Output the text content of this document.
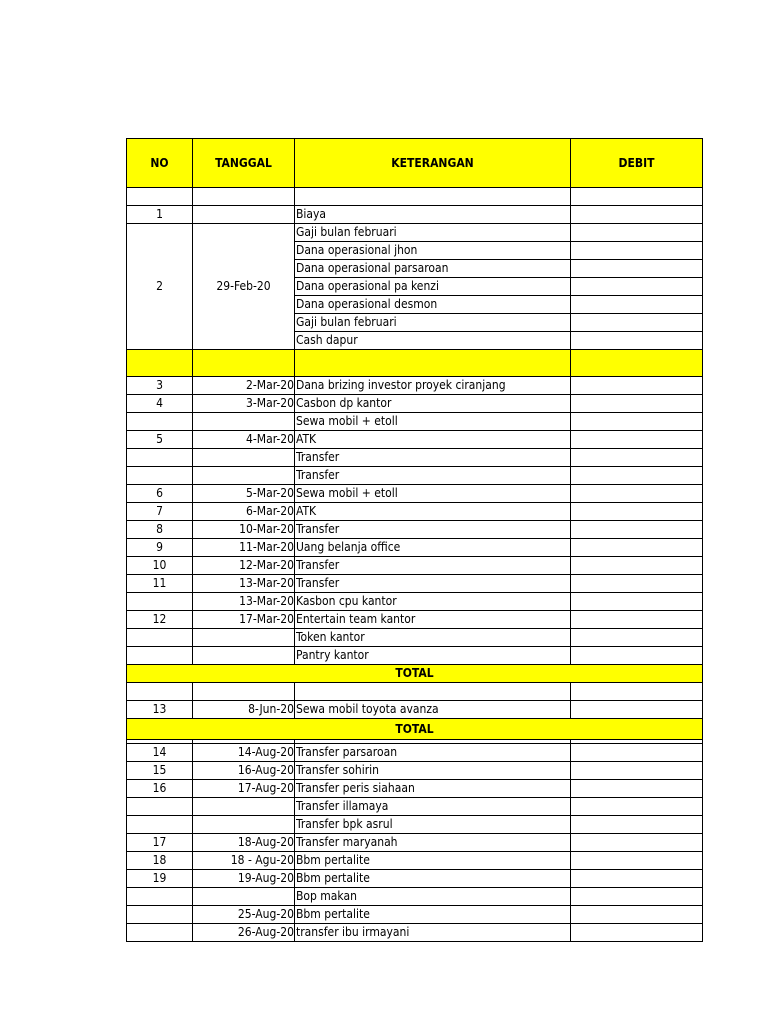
NO	TANGGAL	KETERANGAN	DEBIT

1		Biaya	
2	29-Feb-20	Gaji bulan februari	
		Dana operasional jhon	
		Dana operasional parsaroan	
		Dana operasional pa kenzi	
		Dana operasional desmon	
		Gaji bulan februari	
		Cash dapur	

3	2-Mar-20	Dana brizing investor proyek ciranjang	
4	3-Mar-20	Casbon dp kantor	
		Sewa mobil + etoll	
5	4-Mar-20	ATK	
		Transfer	
		Transfer	
6	5-Mar-20	Sewa mobil + etoll	
7	6-Mar-20	ATK	
8	10-Mar-20	Transfer	
9	11-Mar-20	Uang belanja office	
10	12-Mar-20	Transfer	
11	13-Mar-20	Transfer	
	13-Mar-20	Kasbon cpu kantor	
12	17-Mar-20	Entertain team kantor	
		Token kantor	
		Pantry kantor	
TOTAL			

13	8-Jun-20	Sewa mobil toyota avanza	
TOTAL			

14	14-Aug-20	Transfer parsaroan	
15	16-Aug-20	Transfer sohirin	
16	17-Aug-20	Transfer peris siahaan	
		Transfer illamaya	
		Transfer bpk asrul	
17	18-Aug-20	Transfer maryanah	
18	18 - Agu-20	Bbm pertalite	
19	19-Aug-20	Bbm pertalite	
		Bop makan	
	25-Aug-20	Bbm pertalite	
	26-Aug-20	transfer ibu irmayani	
